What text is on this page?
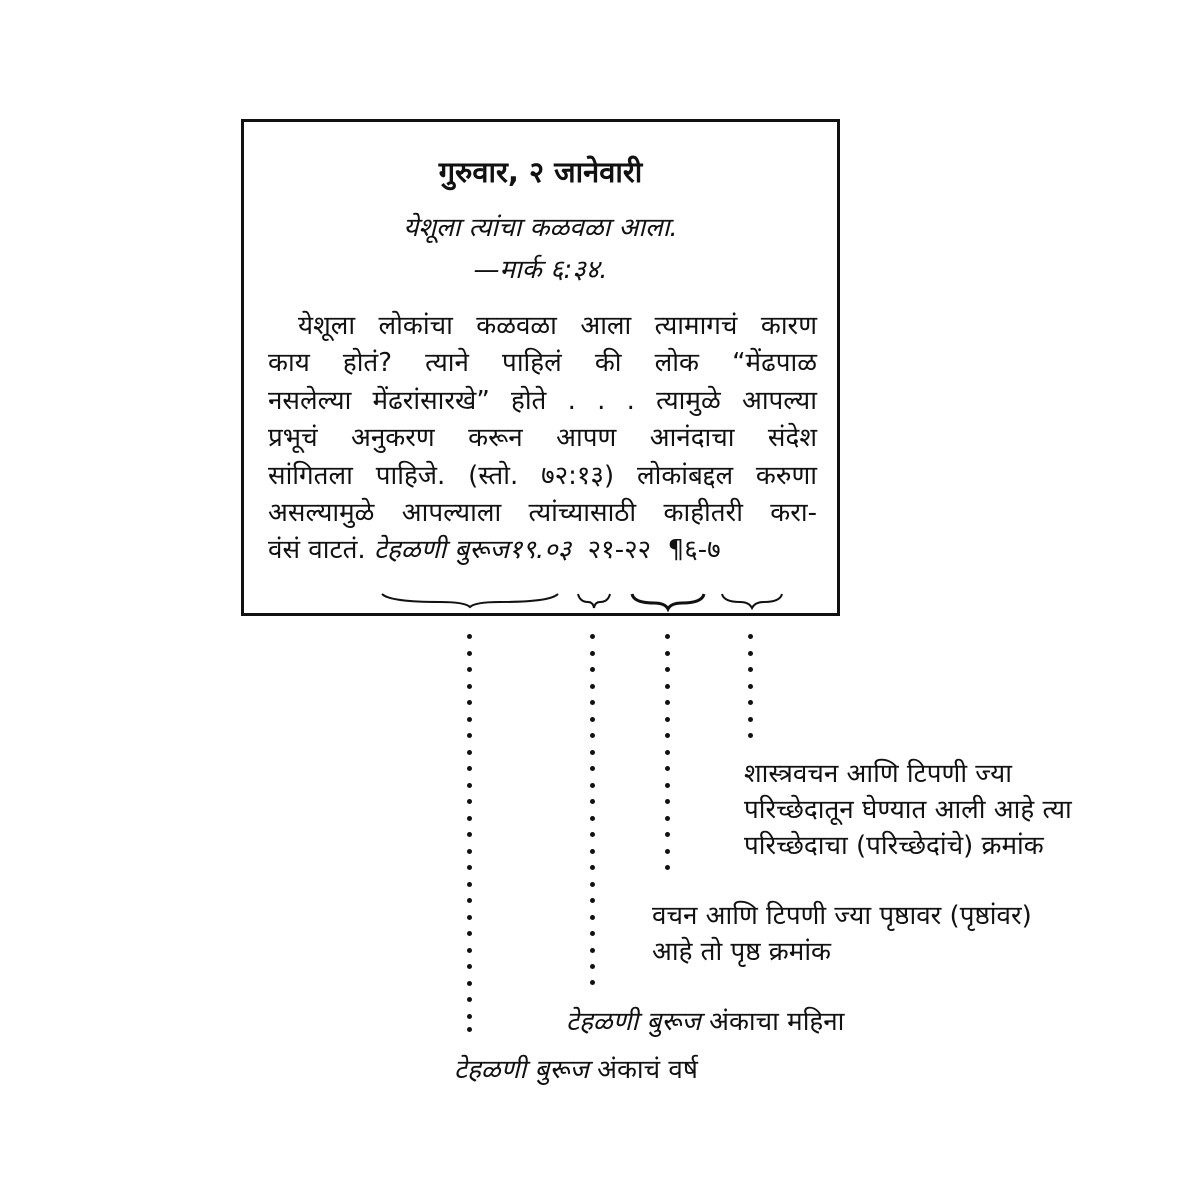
गुरुवार, २ जानेवारी
येशूला त्यांचा कळवळा आला.
—मार्क ६:३४.
येशूला लोकांचा कळवळा आला त्यामागचं कारण
काय होतं? त्याने पाहिलं की लोक “मेंढपाळ
नसलेल्या मेंढरांसारखे” होते . . . त्यामुळे आपल्या
प्रभूचं अनुकरण करून आपण आनंदाचा संदेश
सांगितला पाहिजे. (स्तो. ७२:१३) लोकांबद्दल करुणा
असल्यामुळे आपल्याला त्यांच्यासाठी काहीतरी करा-
वंसं वाटतं. टेहळणी बुरूज१९.०३ २१-२२ ¶६-७
शास्त्रवचन आणि टिपणी ज्या
परिच्छेदातून घेण्यात आली आहे त्या
परिच्छेदाचा (परिच्छेदांचे) क्रमांक
वचन आणि टिपणी ज्या पृष्ठावर (पृष्ठांवर)
आहे तो पृष्ठ क्रमांक
टेहळणी बुरूज अंकाचा महिना
टेहळणी बुरूज अंकाचं वर्ष
